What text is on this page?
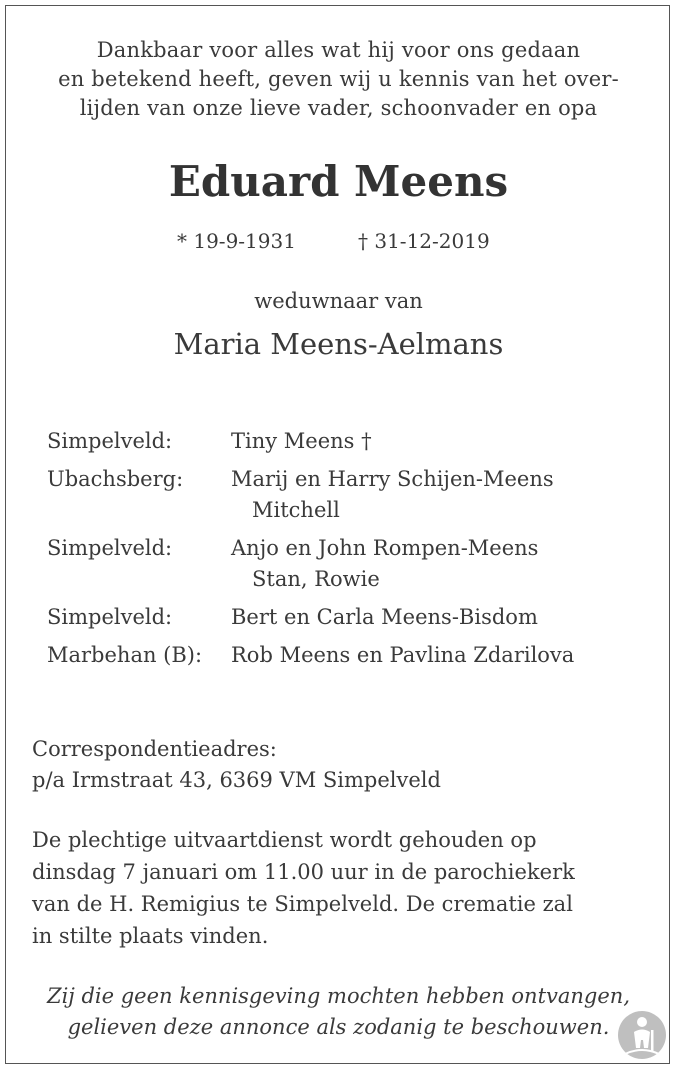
Dankbaar voor alles wat hij voor ons gedaan
en betekend heeft, geven wij u kennis van het over-
lijden van onze lieve vader, schoonvader en opa
Eduard Meens
* 19-9-1931	† 31-12-2019
weduwnaar van
Maria Meens-Aelmans
Simpelveld:	Tiny Meens †
Ubachsberg:	Marij en Harry Schijen-Meens
Mitchell
Simpelveld:	Anjo en John Rompen-Meens
Stan, Rowie
Simpelveld:	Bert en Carla Meens-Bisdom
Marbehan (B):	Rob Meens en Pavlina Zdarilova
Correspondentieadres:
p/a Irmstraat 43, 6369 VM Simpelveld
De plechtige uitvaartdienst wordt gehouden op
dinsdag 7 januari om 11.00 uur in de parochiekerk
van de H. Remigius te Simpelveld. De crematie zal
in stilte plaats vinden.
Zij die geen kennisgeving mochten hebben ontvangen,
gelieven deze annonce als zodanig te beschouwen.
